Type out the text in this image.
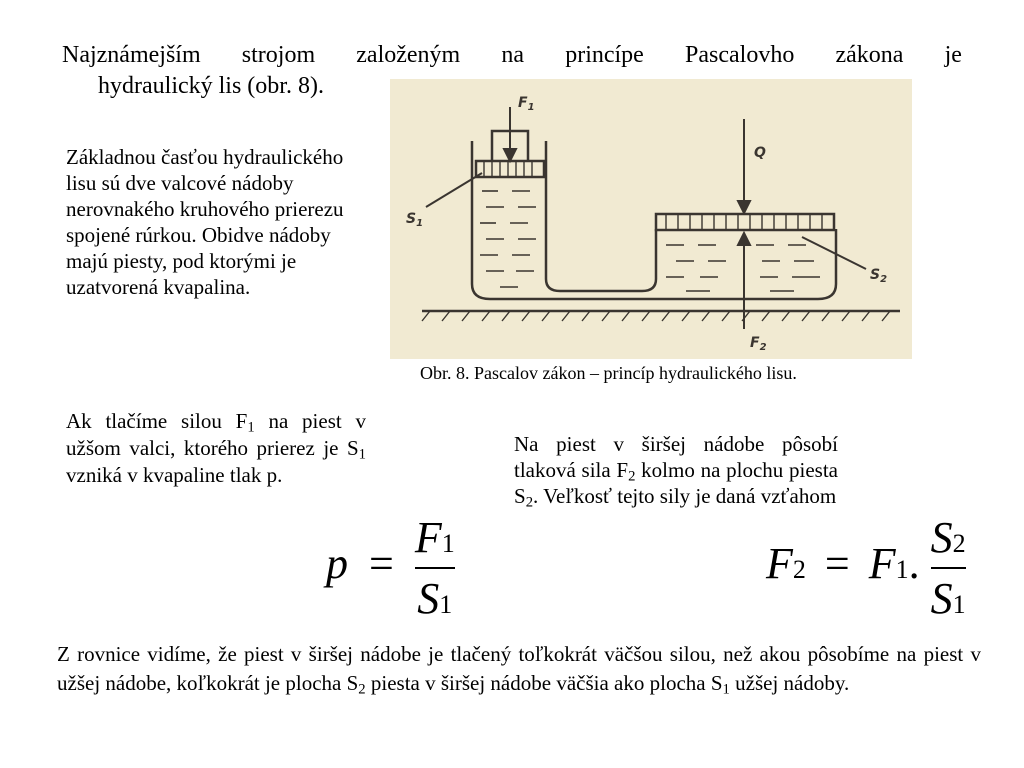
Najznámejším strojom založeným na princípe Pascalovho zákona je
hydraulický lis (obr. 8).
Základnou časťou hydraulického lisu sú dve valcové nádoby nerovnakého kruhového prierezu spojené rúrkou. Obidve nádoby majú piesty, pod ktorými je uzatvorená kvapalina.
$F_1$
Q
$S_1$
$S_2$
$F_2$
Obr. 8. Pascalov zákon – princíp hydraulického lisu.
Ak tlačíme silou $F_1$ na piest v užšom valci, ktorého prierez je $S_1$ vzniká v kvapaline tlak p.
Na piest v širšej nádobe pôsobí tlaková sila $F_2$ kolmo na plochu piesta $S_2$. Veľkosť tejto sily je daná vzťahom
$p = \frac{F1}{S1}$	F2 = F1. $\frac{S2}{S1}$
Z rovnice vidíme, že piest v širšej nádobe je tlačený toľkokrát väčšou silou, než akou pôsobíme na piest v užšej nádobe, koľkokrát je plocha $S_2$ piesta v širšej nádobe väčšia ako plocha $S_1$ užšej nádoby.
